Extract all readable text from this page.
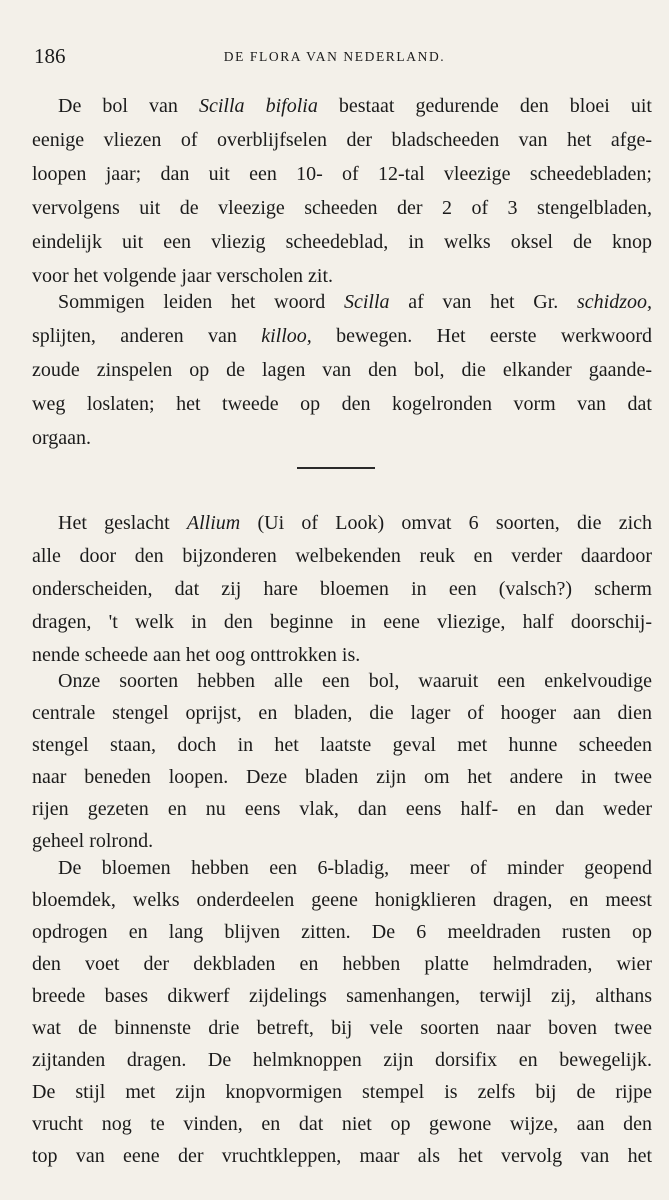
186	DE FLORA VAN NEDERLAND.
De bol van Scilla bifolia bestaat gedurende den bloei uit
eenige vliezen of overblijfselen der bladscheeden van het afge-
loopen jaar; dan uit een 10- of 12-tal vleezige scheedebladen;
vervolgens uit de vleezige scheeden der 2 of 3 stengelbladen,
eindelijk uit een vliezig scheedeblad, in welks oksel de knop
voor het volgende jaar verscholen zit.
Sommigen leiden het woord Scilla af van het Gr. schidzoo,
splijten, anderen van killoo, bewegen. Het eerste werkwoord
zoude zinspelen op de lagen van den bol, die elkander gaande-
weg loslaten; het tweede op den kogelronden vorm van dat
orgaan.
Het geslacht Allium (Ui of Look) omvat 6 soorten, die zich
alle door den bijzonderen welbekenden reuk en verder daardoor
onderscheiden, dat zij hare bloemen in een (valsch?) scherm
dragen, 't welk in den beginne in eene vliezige, half doorschij-
nende scheede aan het oog onttrokken is.
Onze soorten hebben alle een bol, waaruit een enkelvoudige
centrale stengel oprijst, en bladen, die lager of hooger aan dien
stengel staan, doch in het laatste geval met hunne scheeden
naar beneden loopen. Deze bladen zijn om het andere in twee
rijen gezeten en nu eens vlak, dan eens half- en dan weder
geheel rolrond.
De bloemen hebben een 6-bladig, meer of minder geopend
bloemdek, welks onderdeelen geene honigklieren dragen, en meest
opdrogen en lang blijven zitten. De 6 meeldraden rusten op
den voet der dekbladen en hebben platte helmdraden, wier
breede bases dikwerf zijdelings samenhangen, terwijl zij, althans
wat de binnenste drie betreft, bij vele soorten naar boven twee
zijtanden dragen. De helmknoppen zijn dorsifix en bewegelijk.
De stijl met zijn knopvormigen stempel is zelfs bij de rijpe
vrucht nog te vinden, en dat niet op gewone wijze, aan den
top van eene der vruchtkleppen, maar als het vervolg van het
